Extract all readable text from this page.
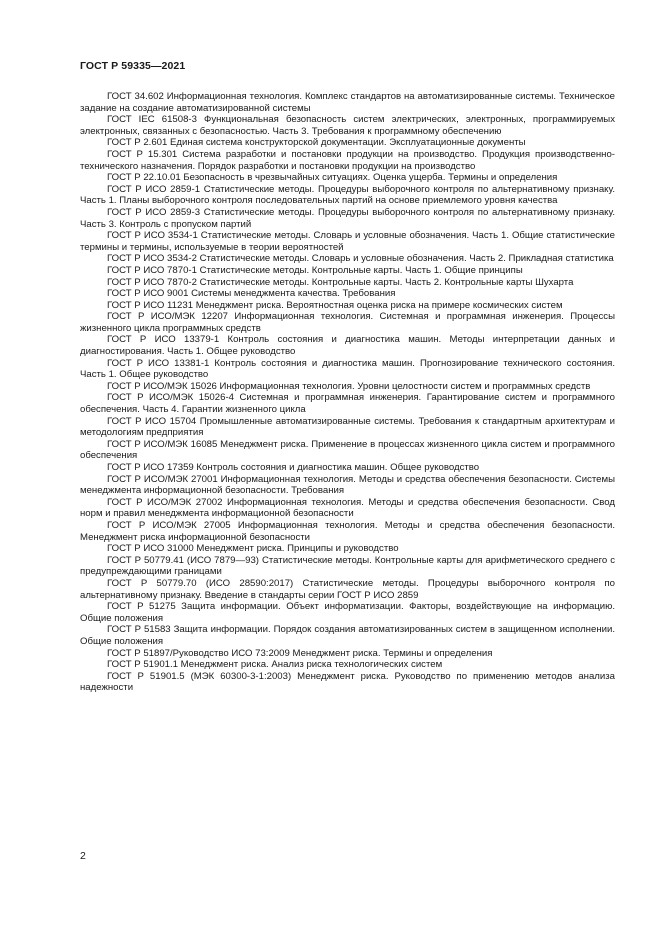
ГОСТ Р 59335—2021

ГОСТ 34.602 Информационная технология. Комплекс стандартов на автоматизированные системы. Техническое задание на создание автоматизированной системы

ГОСТ IEC 61508-3 Функциональная безопасность систем электрических, электронных, программируемых электронных, связанных с безопасностью. Часть 3. Требования к программному обеспечению

ГОСТ Р 2.601 Единая система конструкторской документации. Эксплуатационные документы

ГОСТ Р 15.301 Система разработки и постановки продукции на производство. Продукция производственно-технического назначения. Порядок разработки и постановки продукции на производство

ГОСТ Р 22.10.01 Безопасность в чрезвычайных ситуациях. Оценка ущерба. Термины и определения

ГОСТ Р ИСО 2859-1 Статистические методы. Процедуры выборочного контроля по альтернативному признаку. Часть 1. Планы выборочного контроля последовательных партий на основе приемлемого уровня качества

ГОСТ Р ИСО 2859-3 Статистические методы. Процедуры выборочного контроля по альтернативному признаку. Часть 3. Контроль с пропуском партий

ГОСТ Р ИСО 3534-1 Статистические методы. Словарь и условные обозначения. Часть 1. Общие статистические термины и термины, используемые в теории вероятностей

ГОСТ Р ИСО 3534-2 Статистические методы. Словарь и условные обозначения. Часть 2. Прикладная статистика

ГОСТ Р ИСО 7870-1 Статистические методы. Контрольные карты. Часть 1. Общие принципы

ГОСТ Р ИСО 7870-2 Статистические методы. Контрольные карты. Часть 2. Контрольные карты Шухарта

ГОСТ Р ИСО 9001 Системы менеджмента качества. Требования

ГОСТ Р ИСО 11231 Менеджмент риска. Вероятностная оценка риска на примере космических систем

ГОСТ Р ИСО/МЭК 12207 Информационная технология. Системная и программная инженерия. Процессы жизненного цикла программных средств

ГОСТ Р ИСО 13379-1 Контроль состояния и диагностика машин. Методы интерпретации данных и диагностирования. Часть 1. Общее руководство

ГОСТ Р ИСО 13381-1 Контроль состояния и диагностика машин. Прогнозирование технического состояния. Часть 1. Общее руководство

ГОСТ Р ИСО/МЭК 15026 Информационная технология. Уровни целостности систем и программных средств

ГОСТ Р ИСО/МЭК 15026-4 Системная и программная инженерия. Гарантирование систем и программного обеспечения. Часть 4. Гарантии жизненного цикла

ГОСТ Р ИСО 15704 Промышленные автоматизированные системы. Требования к стандартным архитектурам и методологиям предприятия

ГОСТ Р ИСО/МЭК 16085 Менеджмент риска. Применение в процессах жизненного цикла систем и программного обеспечения

ГОСТ Р ИСО 17359 Контроль состояния и диагностика машин. Общее руководство

ГОСТ Р ИСО/МЭК 27001 Информационная технология. Методы и средства обеспечения безопасности. Системы менеджмента информационной безопасности. Требования

ГОСТ Р ИСО/МЭК 27002 Информационная технология. Методы и средства обеспечения безопасности. Свод норм и правил менеджмента информационной безопасности

ГОСТ Р ИСО/МЭК 27005 Информационная технология. Методы и средства обеспечения безопасности. Менеджмент риска информационной безопасности

ГОСТ Р ИСО 31000 Менеджмент риска. Принципы и руководство

ГОСТ Р 50779.41 (ИСО 7879—93) Статистические методы. Контрольные карты для арифметического среднего с предупреждающими границами

ГОСТ Р 50779.70 (ИСО 28590:2017) Статистические методы. Процедуры выборочного контроля по альтернативному признаку. Введение в стандарты серии ГОСТ Р ИСО 2859

ГОСТ Р 51275 Защита информации. Объект информатизации. Факторы, воздействующие на информацию. Общие положения

ГОСТ Р 51583 Защита информации. Порядок создания автоматизированных систем в защищенном исполнении. Общие положения

ГОСТ Р 51897/Руководство ИСО 73:2009 Менеджмент риска. Термины и определения

ГОСТ Р 51901.1 Менеджмент риска. Анализ риска технологических систем

ГОСТ Р 51901.5 (МЭК 60300-3-1:2003) Менеджмент риска. Руководство по применению методов анализа надежности

2
